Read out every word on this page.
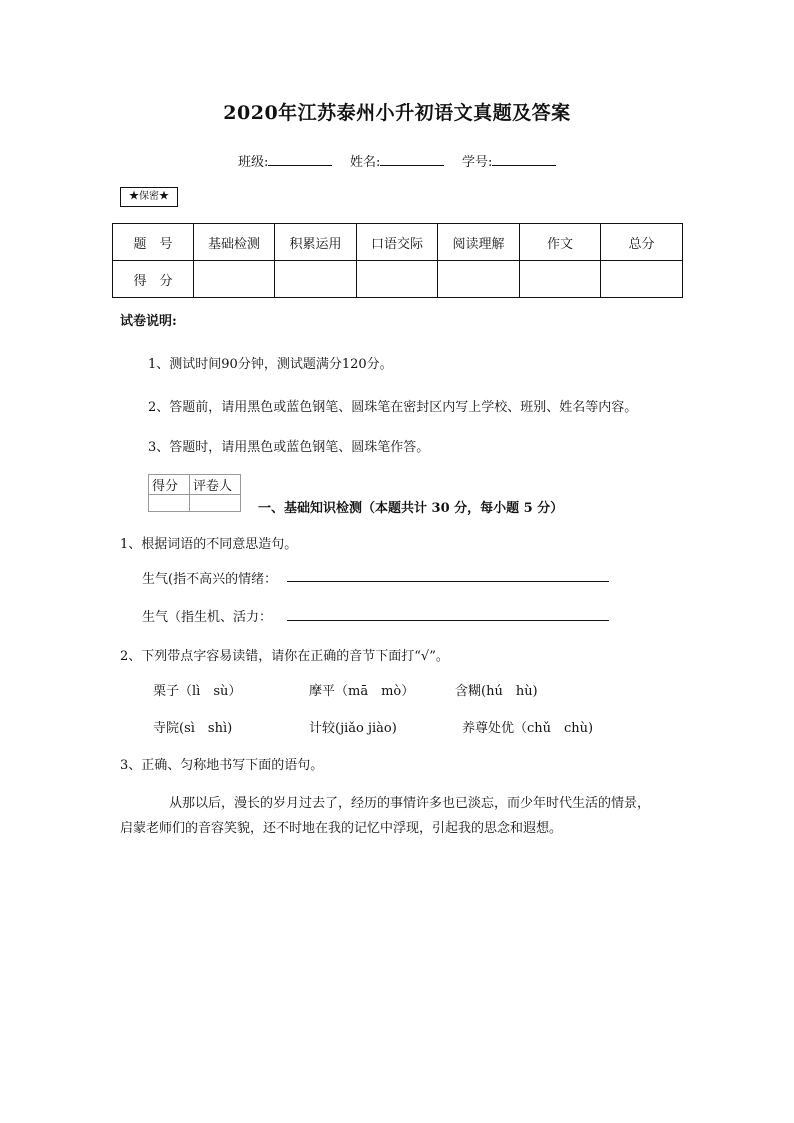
2020年江苏泰州小升初语文真题及答案
班级:	姓名:	学号:
★保密★
题　号	基础检测	积累运用	口语交际	阅读理解	作文	总分
得　分						
试卷说明:
1、测试时间90分钟，测试题满分120分。
2、答题前，请用黑色或蓝色钢笔、圆珠笔在密封区内写上学校、班别、姓名等内容。
3、答题时，请用黑色或蓝色钢笔、圆珠笔作答。
得分	评卷人

一、基础知识检测（本题共计 30 分，每小题 5 分）
1、根据词语的不同意思造句。
生气(指不高兴的情绪：
生气（指生机、活力：
2、下列带点字容易读错，请你在正确的音节下面打“√”。
栗子（lì　sù）	摩平（mā　mò）	含糊(hú　hù)
寺院(sì　shì)	计较(jiǎo jiào)	养尊处优（chǔ　chù)
3、正确、匀称地书写下面的语句。
从那以后，漫长的岁月过去了，经历的事情许多也已淡忘，而少年时代生活的情景，
启蒙老师们的音容笑貌，还不时地在我的记忆中浮现，引起我的思念和遐想。
